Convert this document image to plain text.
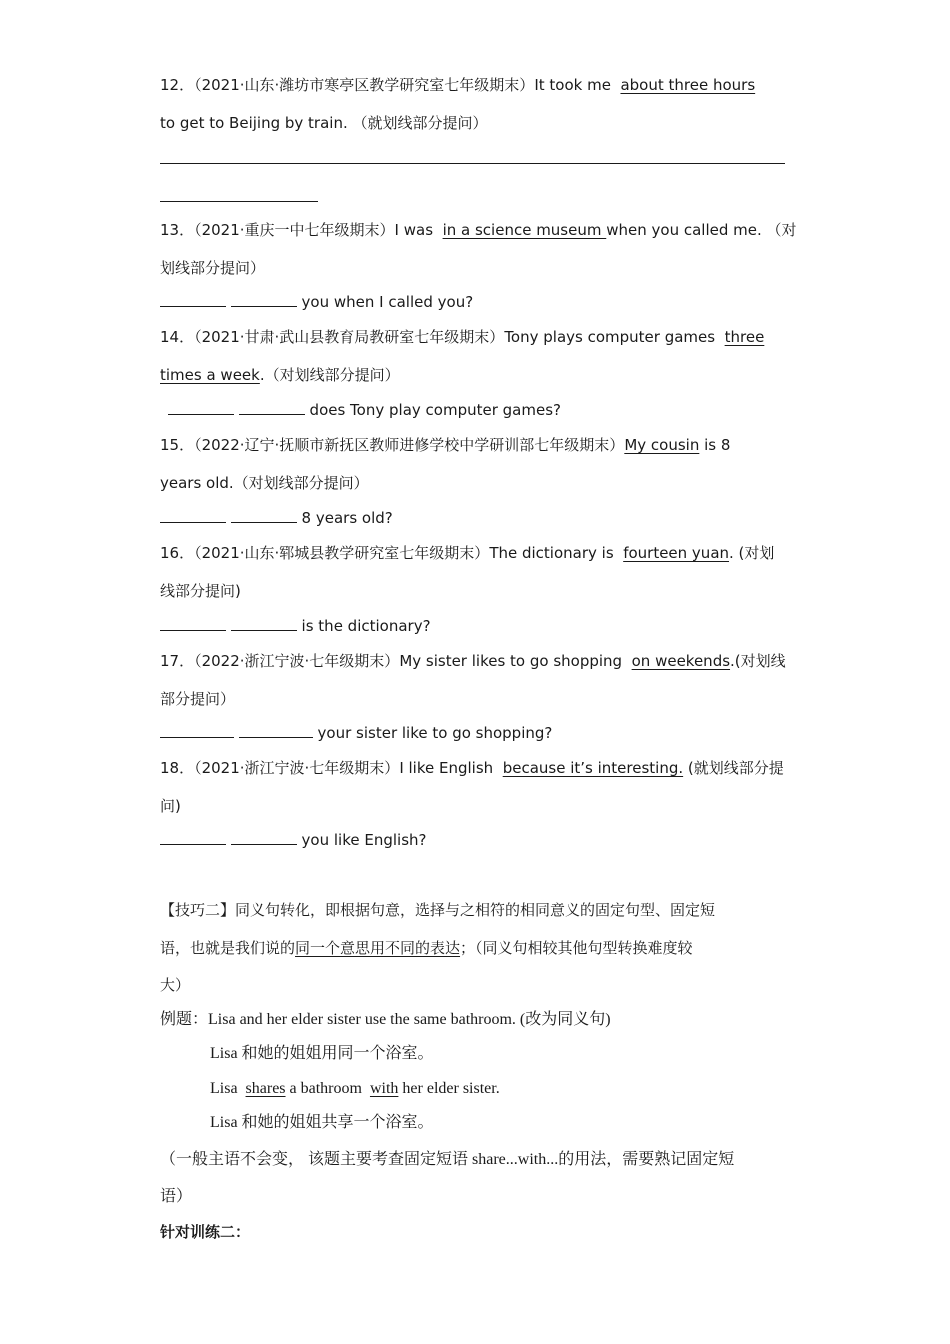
12．（2021·山东·潍坊市寒亭区教学研究室七年级期末）It took me  about three hours
to get to Beijing by train. （就划线部分提问）
13．（2021·重庆一中七年级期末）I was  in a science museum when you called me. （对
划线部分提问）
you when I called you?
14．（2021·甘肃·武山县教育局教研室七年级期末）Tony plays computer games  three
times a week.（对划线部分提问）
does Tony play computer games?
15．（2022·辽宁·抚顺市新抚区教师进修学校中学研训部七年级期末）My cousin is 8
years old.（对划线部分提问）
8 years old?
16．（2021·山东·郓城县教学研究室七年级期末）The dictionary is  fourteen yuan. (对划
线部分提问)
is the dictionary?
17．（2022·浙江宁波·七年级期末）My sister likes to go shopping  on weekends.(对划线
部分提问）
your sister like to go shopping?
18．（2021·浙江宁波·七年级期末）I like English  because it’s interesting. (就划线部分提
问)
you like English?
【技巧二】同义句转化，即根据句意，选择与之相符的相同意义的固定句型、固定短
语，也就是我们说的同一个意思用不同的表达；（同义句相较其他句型转换难度较
大）
例题：Lisa and her elder sister use the same bathroom. (改为同义句)
Lisa 和她的姐姐用同一个浴室。
Lisa  shares a bathroom  with her elder sister.
Lisa 和她的姐姐共享一个浴室。
（一般主语不会变， 该题主要考查固定短语 share...with...的用法，需要熟记固定短
语）
针对训练二：
